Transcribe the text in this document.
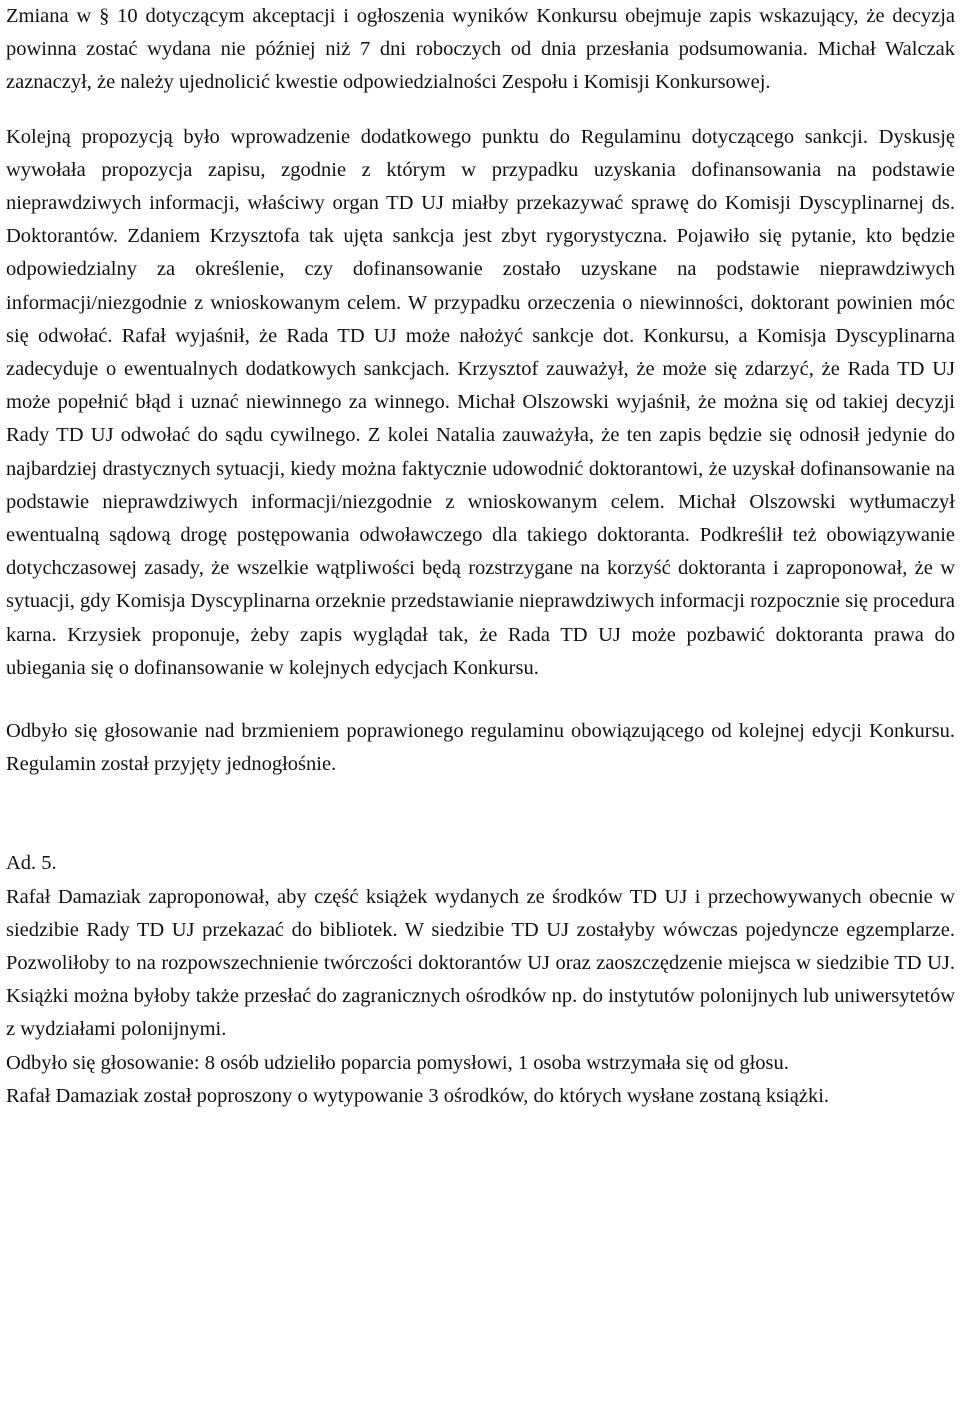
Zmiana w § 10 dotyczącym akceptacji i ogłoszenia wyników Konkursu obejmuje zapis wskazujący, że decyzja powinna zostać wydana nie później niż 7 dni roboczych od dnia przesłania podsumowania. Michał Walczak zaznaczył, że należy ujednolicić kwestie odpowiedzialności Zespołu i Komisji Konkursowej.

Kolejną propozycją było wprowadzenie dodatkowego punktu do Regulaminu dotyczącego sankcji. Dyskusję wywołała propozycja zapisu, zgodnie z którym w przypadku uzyskania dofinansowania na podstawie nieprawdziwych informacji, właściwy organ TD UJ miałby przekazywać sprawę do Komisji Dyscyplinarnej ds. Doktorantów. Zdaniem Krzysztofa tak ujęta sankcja jest zbyt rygorystyczna. Pojawiło się pytanie, kto będzie odpowiedzialny za określenie, czy dofinansowanie zostało uzyskane na podstawie nieprawdziwych informacji/niezgodnie z wnioskowanym celem. W przypadku orzeczenia o niewinności, doktorant powinien móc się odwołać. Rafał wyjaśnił, że Rada TD UJ może nałożyć sankcje dot. Konkursu, a Komisja Dyscyplinarna zadecyduje o ewentualnych dodatkowych sankcjach. Krzysztof zauważył, że może się zdarzyć, że Rada TD UJ może popełnić błąd i uznać niewinnego za winnego. Michał Olszowski wyjaśnił, że można się od takiej decyzji Rady TD UJ odwołać do sądu cywilnego. Z kolei Natalia zauważyła, że ten zapis będzie się odnosił jedynie do najbardziej drastycznych sytuacji, kiedy można faktycznie udowodnić doktorantowi, że uzyskał dofinansowanie na podstawie nieprawdziwych informacji/niezgodnie z wnioskowanym celem. Michał Olszowski wytłumaczył ewentualną sądową drogę postępowania odwoławczego dla takiego doktoranta. Podkreślił też obowiązywanie dotychczasowej zasady, że wszelkie wątpliwości będą rozstrzygane na korzyść doktoranta i zaproponował, że w sytuacji, gdy Komisja Dyscyplinarna orzeknie przedstawianie nieprawdziwych informacji rozpocznie się procedura karna. Krzysiek proponuje, żeby zapis wyglądał tak, że Rada TD UJ może pozbawić doktoranta prawa do ubiegania się o dofinansowanie w kolejnych edycjach Konkursu.

Odbyło się głosowanie nad brzmieniem poprawionego regulaminu obowiązującego od kolejnej edycji Konkursu. Regulamin został przyjęty jednogłośnie.

Ad. 5.

Rafał Damaziak zaproponował, aby część książek wydanych ze środków TD UJ i przechowywanych obecnie w siedzibie Rady TD UJ przekazać do bibliotek. W siedzibie TD UJ zostałyby wówczas pojedyncze egzemplarze. Pozwoliłoby to na rozpowszechnienie twórczości doktorantów UJ oraz zaoszczędzenie miejsca w siedzibie TD UJ. Książki można byłoby także przesłać do zagranicznych ośrodków np. do instytutów polonijnych lub uniwersytetów z wydziałami polonijnymi.

Odbyło się głosowanie: 8 osób udzieliło poparcia pomysłowi, 1 osoba wstrzymała się od głosu.

Rafał Damaziak został poproszony o wytypowanie 3 ośrodków, do których wysłane zostaną książki.
